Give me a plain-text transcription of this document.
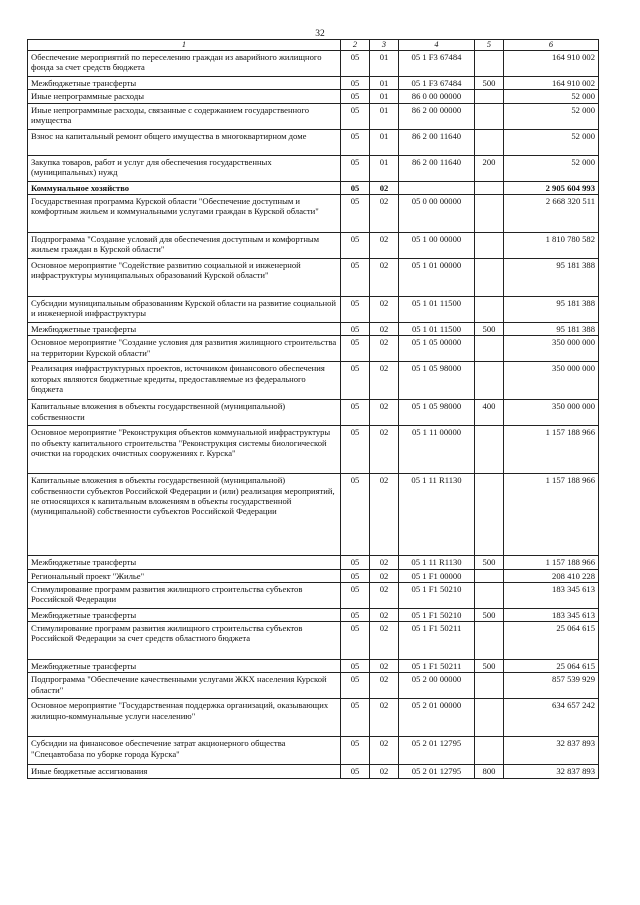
32
1	2	3	4	5	6
Обеспечение мероприятий по переселению граждан из аварийного жилищного фонда за счет средств бюджета	05	01	05 1 F3 67484		164 910 002
Межбюджетные трансферты	05	01	05 1 F3 67484	500	164 910 002
Иные непрограммные расходы	05	01	86 0 00 00000		52 000
Иные непрограммные расходы, связанные с содержанием государственного имущества	05	01	86 2 00 00000		52 000
Взнос на капитальный ремонт общего имущества в многоквартирном доме	05	01	86 2 00 11640		52 000
Закупка товаров, работ и услуг для обеспечения государственных (муниципальных) нужд	05	01	86 2 00 11640	200	52 000
Коммунальное хозяйство	05	02			2 905 604 993
Государственная программа Курской области "Обеспечение доступным и комфортным жильем и коммунальными услугами граждан в Курской области"	05	02	05 0 00 00000		2 668 320 511
Подпрограмма "Создание условий для обеспечения доступным и комфортным жильем граждан в Курской области"	05	02	05 1 00 00000		1 810 780 582
Основное мероприятие "Содействие развитию социальной и инженерной инфраструктуры муниципальных образований Курской области"	05	02	05 1 01 00000		95 181 388
Субсидии муниципальным образованиям Курской области на развитие социальной и инженерной инфраструктуры	05	02	05 1 01 11500		95 181 388
Межбюджетные трансферты	05	02	05 1 01 11500	500	95 181 388
Основное мероприятие "Создание условия для развития жилищного строительства на территории Курской области"	05	02	05 1 05 00000		350 000 000
Реализация инфраструктурных проектов, источником финансового обеспечения которых являются бюджетные кредиты, предоставляемые из федерального бюджета	05	02	05 1 05 98000		350 000 000
Капитальные вложения в объекты государственной (муниципальной) собственности	05	02	05 1 05 98000	400	350 000 000
Основное мероприятие "Реконструкция объектов коммунальной инфраструктуры по объекту капитального строительства "Реконструкция системы биологической очистки на городских очистных сооружениях г. Курска"	05	02	05 1 11 00000		1 157 188 966
Капитальные вложения в объекты государственной (муниципальной) собственности субъектов Российской Федерации и (или) реализация мероприятий, не относящихся к капитальным вложениям в объекты государственной (муниципальной) собственности субъектов Российской Федерации	05	02	05 1 11 R1130		1 157 188 966
Межбюджетные трансферты	05	02	05 1 11 R1130	500	1 157 188 966
Региональный проект "Жилье"	05	02	05 1 F1 00000		208 410 228
Стимулирование программ развития жилищного строительства субъектов Российской Федерации	05	02	05 1 F1 50210		183 345 613
Межбюджетные трансферты	05	02	05 1 F1 50210	500	183 345 613
Стимулирование программ развития жилищного строительства субъектов Российской Федерации за счет средств областного бюджета	05	02	05 1 F1 50211		25 064 615
Межбюджетные трансферты	05	02	05 1 F1 50211	500	25 064 615
Подпрограмма "Обеспечение качественными услугами ЖКХ населения Курской области"	05	02	05 2 00 00000		857 539 929
Основное мероприятие "Государственная поддержка организаций, оказывающих жилищно-коммунальные услуги населению"	05	02	05 2 01 00000		634 657 242
Субсидии на финансовое обеспечение затрат акционерного общества "Спецавтобаза по уборке города Курска"	05	02	05 2 01 12795		32 837 893
Иные бюджетные ассигнования	05	02	05 2 01 12795	800	32 837 893
